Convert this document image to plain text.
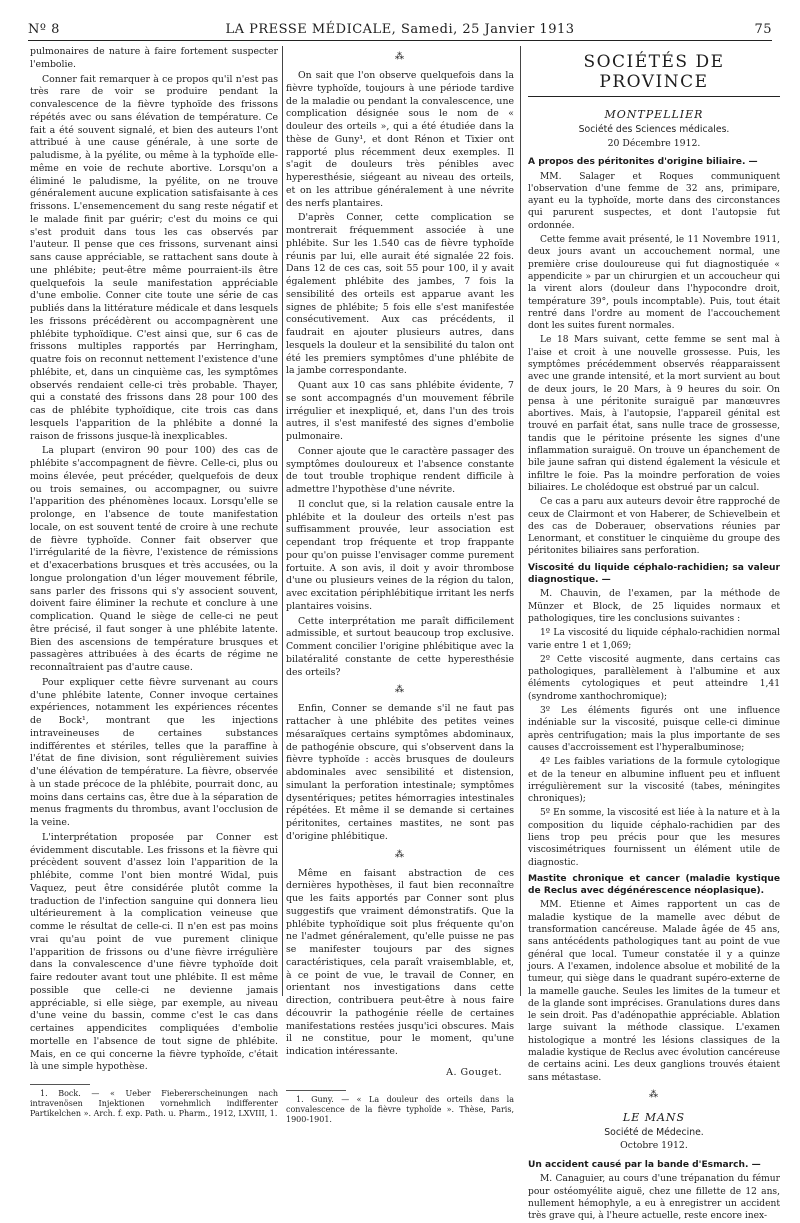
Nº 8	LA PRESSE MÉDICALE, Samedi, 25 Janvier 1913	75

pulmonaires de nature à faire fortement suspecter l'embolie.

Conner fait remarquer à ce propos qu'il n'est pas très rare de voir se produire pendant la convalescence de la fièvre typhoïde des frissons répétés avec ou sans élévation de température. Ce fait a été souvent signalé, et bien des auteurs l'ont attribué à une cause générale, à une sorte de paludisme, à la pyélite, ou même à la typhoïde elle-même en voie de rechute abortive. Lorsqu'on a éliminé le paludisme, la pyélite, on ne trouve généralement aucune explication satisfaisante à ces frissons. L'ensemencement du sang reste négatif et le malade finit par guérir; c'est du moins ce qui s'est produit dans tous les cas observés par l'auteur. Il pense que ces frissons, survenant ainsi sans cause appréciable, se rattachent sans doute à une phlébite; peut-être même pourraient-ils être quelquefois la seule manifestation appréciable d'une embolie. Conner cite toute une série de cas publiés dans la littérature médicale et dans lesquels les frissons précédèrent ou accompagnèrent une phlébite typhoïdique. C'est ainsi que, sur 6 cas de frissons multiples rapportés par Herringham, quatre fois on reconnut nettement l'existence d'une phlébite, et, dans un cinquième cas, les symptômes observés rendaient celle-ci très probable. Thayer, qui a constaté des frissons dans 28 pour 100 des cas de phlébite typhoïdique, cite trois cas dans lesquels l'apparition de la phlébite a donné la raison de frissons jusque-là inexplicables.

La plupart (environ 90 pour 100) des cas de phlébite s'accompagnent de fièvre. Celle-ci, plus ou moins élevée, peut précéder, quelquefois de deux ou trois semaines, ou accompagner, ou suivre l'apparition des phénomènes locaux. Lorsqu'elle se prolonge, en l'absence de toute manifestation locale, on est souvent tenté de croire à une rechute de fièvre typhoïde. Conner fait observer que l'irrégularité de la fièvre, l'existence de rémissions et d'exacerbations brusques et très accusées, ou la longue prolongation d'un léger mouvement fébrile, sans parler des frissons qui s'y associent souvent, doivent faire éliminer la rechute et conclure à une complication. Quand le siège de celle-ci ne peut être précisé, il faut songer à une phlébite latente. Bien des ascensions de température brusques et passagères attribuées à des écarts de régime ne reconnaîtraient pas d'autre cause.

Pour expliquer cette fièvre survenant au cours d'une phlébite latente, Conner invoque certaines expériences, notamment les expériences récentes de Bock¹, montrant que les injections intraveineuses de certaines substances indifférentes et stériles, telles que la paraffine à l'état de fine division, sont régulièrement suivies d'une élévation de température. La fièvre, observée à un stade précoce de la phlébite, pourrait donc, au moins dans certains cas, être due à la séparation de menus fragments du thrombus, avant l'occlusion de la veine.

L'interprétation proposée par Conner est évidemment discutable. Les frissons et la fièvre qui précèdent souvent d'assez loin l'apparition de la phlébite, comme l'ont bien montré Widal, puis Vaquez, peut être considérée plutôt comme la traduction de l'infection sanguine qui donnera lieu ultérieurement à la complication veineuse que comme le résultat de celle-ci. Il n'en est pas moins vrai qu'au point de vue purement clinique l'apparition de frissons ou d'une fièvre irrégulière dans la convalescence d'une fièvre typhoïde doit faire redouter avant tout une phlébite. Il est même possible que celle-ci ne devienne jamais appréciable, si elle siège, par exemple, au niveau d'une veine du bassin, comme c'est le cas dans certaines appendicites compliquées d'embolie mortelle en l'absence de tout signe de phlébite. Mais, en ce qui concerne la fièvre typhoïde, c'était là une simple hypothèse.

1. Bock. — « Ueber Fiebererscheinungen nach intravenösen Injektionen vornehmlich indifferenter Partikelchen ». Arch. f. exp. Path. u. Pharm., 1912, LXVIII, 1.

⁂

On sait que l'on observe quelquefois dans la fièvre typhoïde, toujours à une période tardive de la maladie ou pendant la convalescence, une complication désignée sous le nom de « douleur des orteils », qui a été étudiée dans la thèse de Guny¹, et dont Rénon et Tixier ont rapporté plus récemment deux exemples. Il s'agit de douleurs très pénibles avec hyperesthésie, siégeant au niveau des orteils, et on les attribue généralement à une névrite des nerfs plantaires.

D'après Conner, cette complication se montrerait fréquemment associée à une phlébite. Sur les 1.540 cas de fièvre typhoïde réunis par lui, elle aurait été signalée 22 fois. Dans 12 de ces cas, soit 55 pour 100, il y avait également phlébite des jambes, 7 fois la sensibilité des orteils est apparue avant les signes de phlébite; 5 fois elle s'est manifestée consécutivement. Aux cas précédents, il faudrait en ajouter plusieurs autres, dans lesquels la douleur et la sensibilité du talon ont été les premiers symptômes d'une phlébite de la jambe correspondante.

Quant aux 10 cas sans phlébite évidente, 7 se sont accompagnés d'un mouvement fébrile irrégulier et inexpliqué, et, dans l'un des trois autres, il s'est manifesté des signes d'embolie pulmonaire.

Conner ajoute que le caractère passager des symptômes douloureux et l'absence constante de tout trouble trophique rendent difficile à admettre l'hypothèse d'une névrite.

Il conclut que, si la relation causale entre la phlébite et la douleur des orteils n'est pas suffisamment prouvée, leur association est cependant trop fréquente et trop frappante pour qu'on puisse l'envisager comme purement fortuite. A son avis, il doit y avoir thrombose d'une ou plusieurs veines de la région du talon, avec excitation périphlébitique irritant les nerfs plantaires voisins.

Cette interprétation me paraît difficilement admissible, et surtout beaucoup trop exclusive. Comment concilier l'origine phlébitique avec la bilatéralité constante de cette hyperesthésie des orteils?

⁂

Enfin, Conner se demande s'il ne faut pas rattacher à une phlébite des petites veines mésaraïques certains symptômes abdominaux, de pathogénie obscure, qui s'observent dans la fièvre typhoïde : accès brusques de douleurs abdominales avec sensibilité et distension, simulant la perforation intestinale; symptômes dysentériques; petites hémorragies intestinales répétées. Et même il se demande si certaines péritonites, certaines mastites, ne sont pas d'origine phlébitique.

⁂

Même en faisant abstraction de ces dernières hypothèses, il faut bien reconnaître que les faits apportés par Conner sont plus suggestifs que vraiment démonstratifs. Que la phlébite typhoïdique soit plus fréquente qu'on ne l'admet généralement, qu'elle puisse ne pas se manifester toujours par des signes caractéristiques, cela paraît vraisemblable, et, à ce point de vue, le travail de Conner, en orientant nos investigations dans cette direction, contribuera peut-être à nous faire découvrir la pathogénie réelle de certaines manifestations restées jusqu'ici obscures. Mais il ne constitue, pour le moment, qu'une indication intéressante.

A. Gouget.

1. Guny. — « La douleur des orteils dans la convalescence de la fièvre typhoïde ». Thèse, Paris, 1900-1901.

SOCIÉTÉS DE PROVINCE
MONTPELLIER
Société des Sciences médicales.
20 Décembre 1912.

A propos des péritonites d'origine biliaire. —

MM. Salager et Roques communiquent l'observation d'une femme de 32 ans, primipare, ayant eu la typhoïde, morte dans des circonstances qui parurent suspectes, et dont l'autopsie fut ordonnée.

Cette femme avait présenté, le 11 Novembre 1911, deux jours avant un accouchement normal, une première crise douloureuse qui fut diagnostiquée « appendicite » par un chirurgien et un accoucheur qui la virent alors (douleur dans l'hypocondre droit, température 39°, pouls incomptable). Puis, tout était rentré dans l'ordre au moment de l'accouchement dont les suites furent normales.

Le 18 Mars suivant, cette femme se sent mal à l'aise et croit à une nouvelle grossesse. Puis, les symptômes précédemment observés réapparaissent avec une grande intensité, et la mort survient au bout de deux jours, le 20 Mars, à 9 heures du soir. On pensa à une péritonite suraiguë par manœuvres abortives. Mais, à l'autopsie, l'appareil génital est trouvé en parfait état, sans nulle trace de grossesse, tandis que le péritoine présente les signes d'une inflammation suraiguë. On trouve un épanchement de bile jaune safran qui distend également la vésicule et infiltre le foie. Pas la moindre perforation de voies biliaires. Le cholédoque est obstrué par un calcul.

Ce cas a paru aux auteurs devoir être rapproché de ceux de Clairmont et von Haberer, de Schievelbein et des cas de Doberauer, observations réunies par Lenormant, et constituer le cinquième du groupe des péritonites biliaires sans perforation.

Viscosité du liquide céphalo-rachidien; sa valeur diagnostique. —

M. Chauvin, de l'examen, par la méthode de Münzer et Block, de 25 liquides normaux et pathologiques, tire les conclusions suivantes :

1º La viscosité du liquide céphalo-rachidien normal varie entre 1 et 1,069;

2º Cette viscosité augmente, dans certains cas pathologiques, parallèlement à l'albumine et aux éléments cytologiques et peut atteindre 1,41 (syndrome xanthochromique);

3º Les éléments figurés ont une influence indéniable sur la viscosité, puisque celle-ci diminue après centrifugation; mais la plus importante de ses causes d'accroissement est l'hyperalbuminose;

4º Les faibles variations de la formule cytologique et de la teneur en albumine influent peu et influent irrégulièrement sur la viscosité (tabes, méningites chroniques);

5º En somme, la viscosité est liée à la nature et à la composition du liquide céphalo-rachidien par des liens trop peu précis pour que les mesures viscosimétriques fournissent un élément utile de diagnostic.

Mastite chronique et cancer (maladie kystique de Reclus avec dégénérescence néoplasique).

MM. Etienne et Aimes rapportent un cas de maladie kystique de la mamelle avec début de transformation cancéreuse. Malade âgée de 45 ans, sans antécédents pathologiques tant au point de vue général que local. Tumeur constatée il y a quinze jours. A l'examen, indolence absolue et mobilité de la tumeur, qui siège dans le quadrant supéro-externe de la mamelle gauche. Seules les limites de la tumeur et de la glande sont imprécises. Granulations dures dans le sein droit. Pas d'adénopathie appréciable. Ablation large suivant la méthode classique. L'examen histologique a montré les lésions classiques de la maladie kystique de Reclus avec évolution cancéreuse de certains acini. Les deux ganglions trouvés étaient sans métastase.

⁂
LE MANS
Société de Médecine.
Octobre 1912.

Un accident causé par la bande d'Esmarch. —

M. Canaguier, au cours d'une trépanation du fémur pour ostéomyélite aiguë, chez une fillette de 12 ans, nullement hémophyle, a eu à enregistrer un accident très grave qui, à l'heure actuelle, reste encore inex-
